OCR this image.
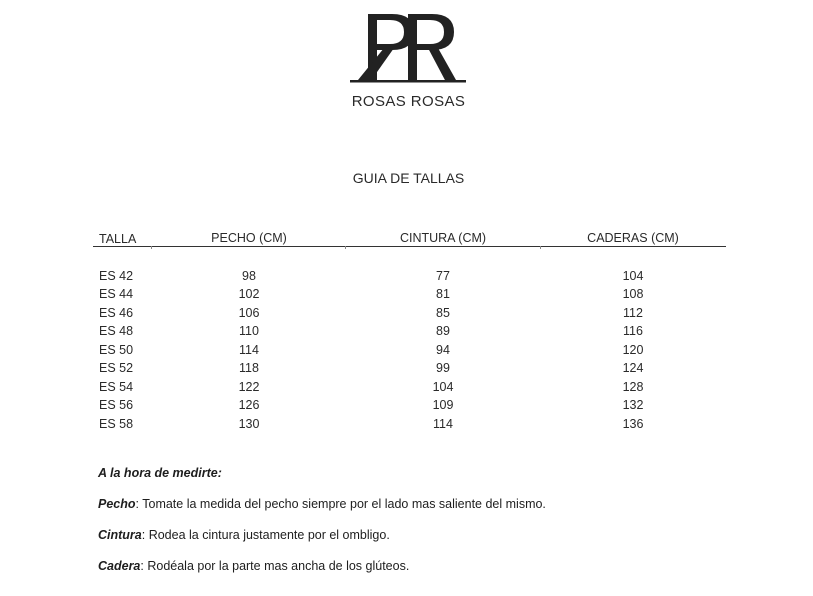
ROSAS ROSAS
GUIA DE TALLAS
TALLA	PECHO (CM)	CINTURA (CM)	CADERAS (CM)
ES 42	98	77	104
ES 44	102	81	108
ES 46	106	85	112
ES 48	110	89	116
ES 50	114	94	120
ES 52	118	99	124
ES 54	122	104	128
ES 56	126	109	132
ES 58	130	114	136
A la hora de medirte:
Pecho: Tomate la medida del pecho siempre por el lado mas saliente del mismo.
Cintura: Rodea la cintura justamente por el ombligo.
Cadera: Rodéala por la parte mas ancha de los glúteos.
